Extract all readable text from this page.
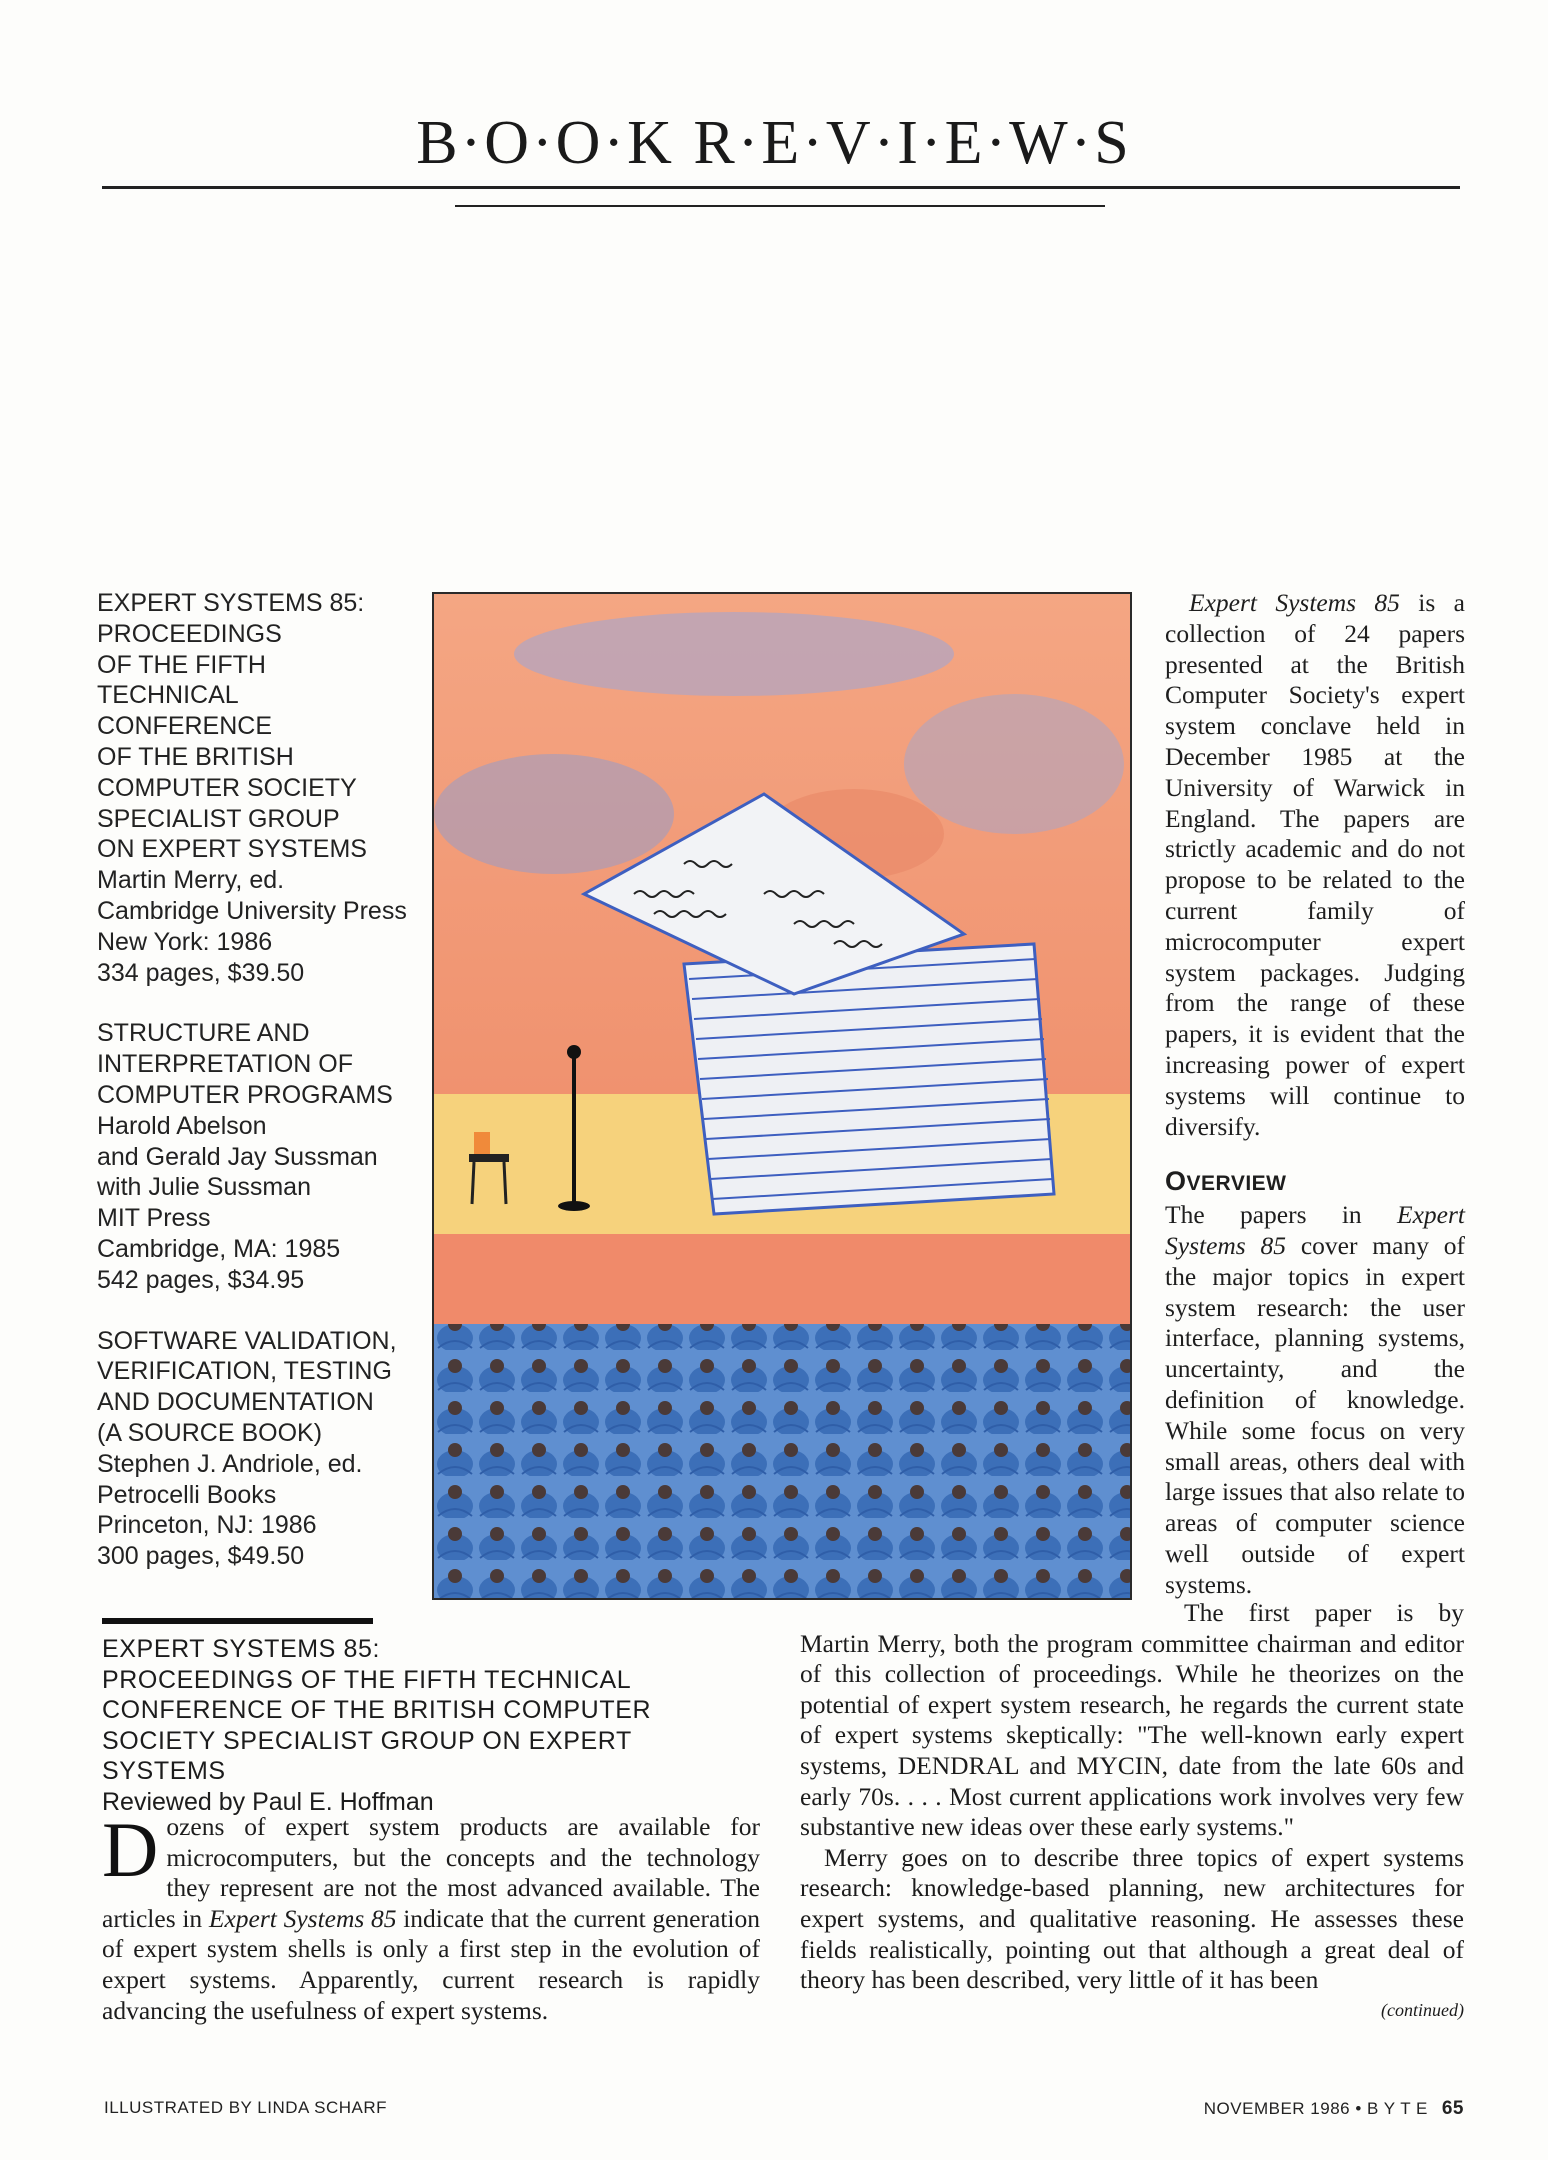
B·O·O·K R·E·V·I·E·W·S
EXPERT SYSTEMS 85:
PROCEEDINGS
OF THE FIFTH
TECHNICAL
CONFERENCE
OF THE BRITISH
COMPUTER SOCIETY
SPECIALIST GROUP
ON EXPERT SYSTEMS
Martin Merry, ed.
Cambridge University Press
New York: 1986
334 pages, $39.50
STRUCTURE AND
INTERPRETATION OF
COMPUTER PROGRAMS
Harold Abelson
and Gerald Jay Sussman
with Julie Sussman
MIT Press
Cambridge, MA: 1985
542 pages, $34.95
SOFTWARE VALIDATION,
VERIFICATION, TESTING
AND DOCUMENTATION
(A SOURCE BOOK)
Stephen J. Andriole, ed.
Petrocelli Books
Princeton, NJ: 1986
300 pages, $49.50

Expert Systems 85 is a collection of 24 papers presented at the British Computer Society's expert system conclave held in December 1985 at the University of Warwick in England. The papers are strictly academic and do not propose to be related to the current family of microcomputer expert system packages. Judging from the range of these papers, it is evident that the increasing power of expert systems will continue to diversify.

OVERVIEW

The papers in Expert Systems 85 cover many of the major topics in expert system research: the user interface, planning systems, uncertainty, and the definition of knowledge. While some focus on very small areas, others deal with large issues that also relate to areas of computer science well outside of expert systems.

EXPERT SYSTEMS 85:
PROCEEDINGS OF THE FIFTH TECHNICAL
CONFERENCE OF THE BRITISH COMPUTER
SOCIETY SPECIALIST GROUP ON EXPERT SYSTEMS
Reviewed by Paul E. Hoffman

Dozens of expert system products are available for microcomputers, but the concepts and the technology they represent are not the most advanced available. The articles in Expert Systems 85 indicate that the current generation of expert system shells is only a first step in the evolution of expert systems. Apparently, current research is rapidly advancing the usefulness of expert systems.

The first paper is by Martin Merry, both the program committee chairman and editor of this collection of proceedings. While he theorizes on the potential of expert system research, he regards the current state of expert systems skeptically: "The well-known early expert systems, DENDRAL and MYCIN, date from the late 60s and early 70s. . . . Most current applications work involves very few substantive new ideas over these early systems."

Merry goes on to describe three topics of expert systems research: knowledge-based planning, new architectures for expert systems, and qualitative reasoning. He assesses these fields realistically, pointing out that although a great deal of theory has been described, very little of it has been

(continued)
ILLUSTRATED BY LINDA SCHARF	NOVEMBER 1986 • B Y T E 65
